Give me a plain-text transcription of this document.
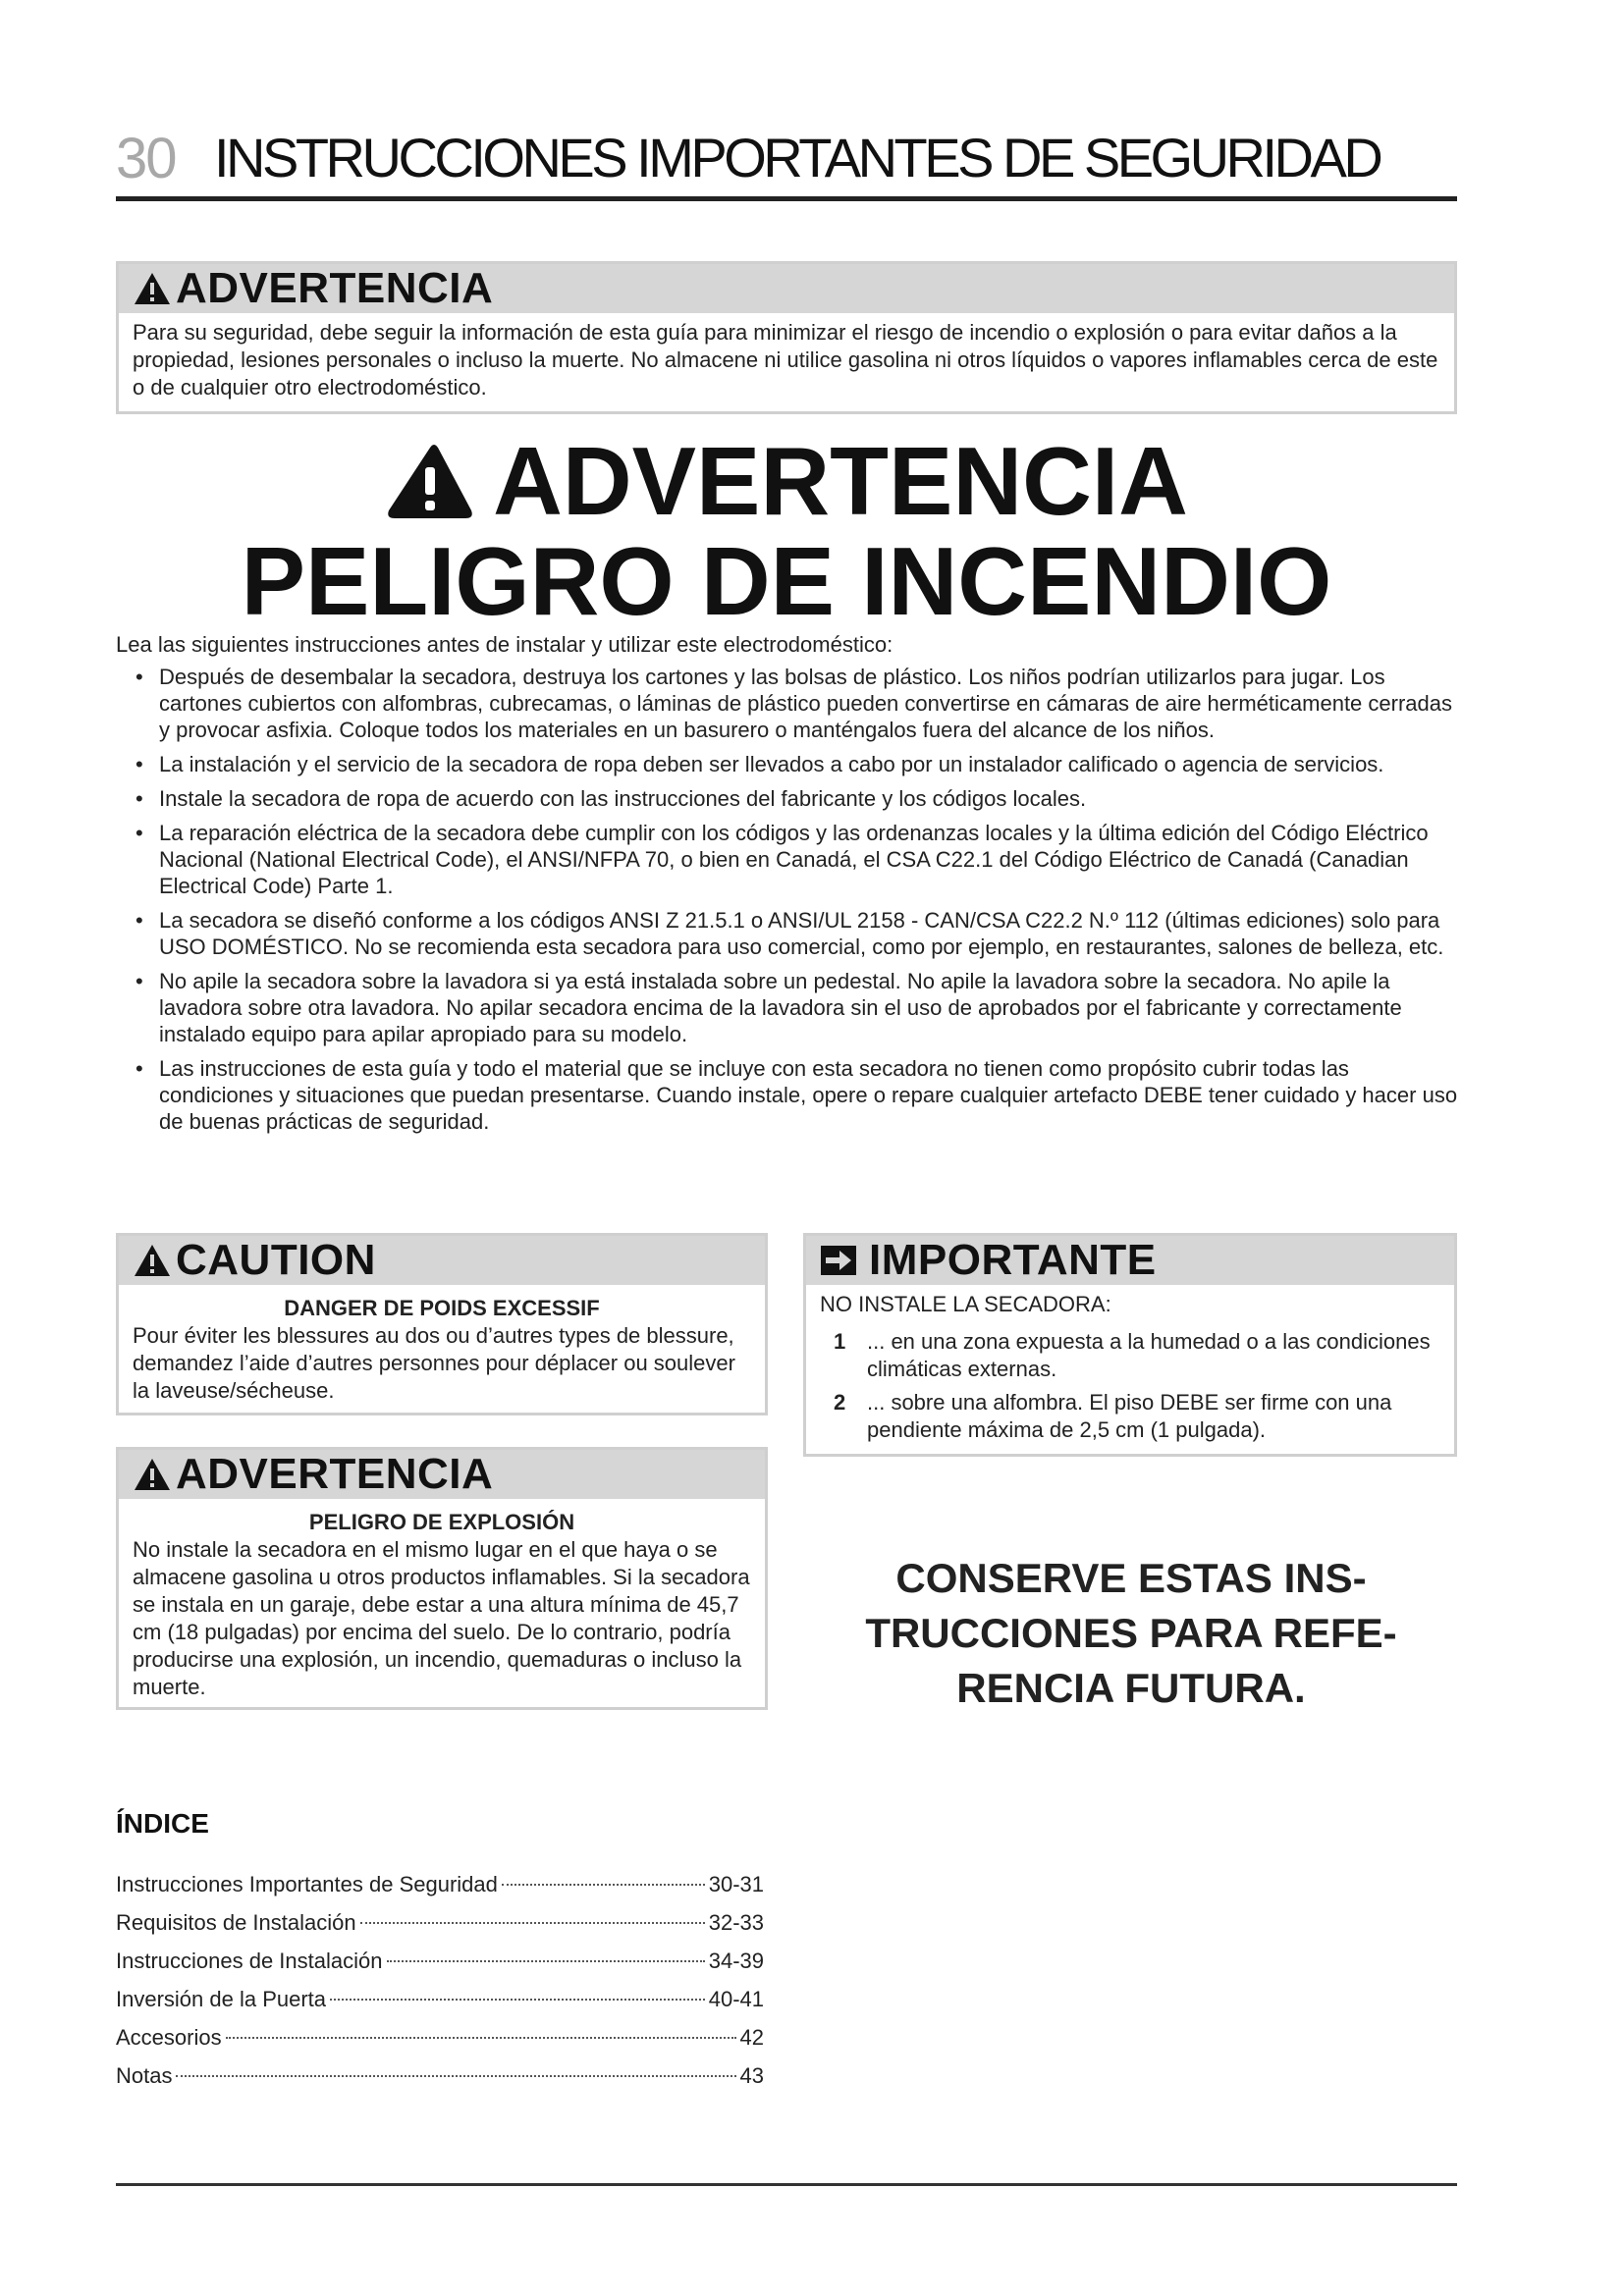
30 INSTRUCCIONES IMPORTANTES DE SEGURIDAD
ADVERTENCIA
Para su seguridad, debe seguir la información de esta guía para minimizar el riesgo de incendio o explosión o para evitar daños a la propiedad, lesiones personales o incluso la muerte. No almacene ni utilice gasolina ni otros líquidos o vapores inflamables cerca de este o de cualquier otro electrodoméstico.
ADVERTENCIA
PELIGRO DE INCENDIO

Lea las siguientes instrucciones antes de instalar y utilizar este electrodoméstico:

• Después de desembalar la secadora, destruya los cartones y las bolsas de plástico. Los niños podrían utilizarlos para jugar. Los cartones cubiertos con alfombras, cubrecamas, o láminas de plástico pueden convertirse en cámaras de aire herméticamente cerradas y provocar asfixia. Coloque todos los materiales en un basurero o manténgalos fuera del alcance de los niños.
• La instalación y el servicio de la secadora de ropa deben ser llevados a cabo por un instalador calificado o agencia de servicios.
• Instale la secadora de ropa de acuerdo con las instrucciones del fabricante y los códigos locales.
• La reparación eléctrica de la secadora debe cumplir con los códigos y las ordenanzas locales y la última edición del Código Eléctrico Nacional (National Electrical Code), el ANSI/NFPA 70, o bien en Canadá, el CSA C22.1 del Código Eléctrico de Canadá (Canadian Electrical Code) Parte 1.
• La secadora se diseñó conforme a los códigos ANSI Z 21.5.1 o ANSI/UL 2158 - CAN/CSA C22.2 N.º 112 (últimas ediciones) solo para USO DOMÉSTICO. No se recomienda esta secadora para uso comercial, como por ejemplo, en restaurantes, salones de belleza, etc.
• No apile la secadora sobre la lavadora si ya está instalada sobre un pedestal. No apile la lavadora sobre la secadora. No apile la lavadora sobre otra lavadora. No apilar secadora encima de la lavadora sin el uso de aprobados por el fabricante y correctamente instalado equipo para apilar apropiado para su modelo.
• Las instrucciones de esta guía y todo el material que se incluye con esta secadora no tienen como propósito cubrir todas las condiciones y situaciones que puedan presentarse. Cuando instale, opere o repare cualquier artefacto DEBE tener cuidado y hacer uso de buenas prácticas de seguridad.
CAUTION
DANGER DE POIDS EXCESSIF
Pour éviter les blessures au dos ou d’autres types de blessure, demandez l’aide d’autres personnes pour déplacer ou soulever la laveuse/sécheuse.
IMPORTANTE
NO INSTALE LA SECADORA:
1 ... en una zona expuesta a la humedad o a las condiciones climáticas externas.
2 ... sobre una alfombra. El piso DEBE ser firme con una pendiente máxima de 2,5 cm (1 pulgada).
ADVERTENCIA
PELIGRO DE EXPLOSIÓN
No instale la secadora en el mismo lugar en el que haya o se almacene gasolina u otros productos inflamables. Si la secadora se instala en un garaje, debe estar a una altura mínima de 45,7 cm (18 pulgadas) por encima del suelo. De lo contrario, podría producirse una explosión, un incendio, quemaduras o incluso la muerte.
CONSERVE ESTAS INS-
TRUCCIONES PARA REFE-
RENCIA FUTURA.
ÍNDICE
Instrucciones Importantes de Seguridad	30-31
Requisitos de Instalación	32-33
Instrucciones de Instalación	34-39
Inversión de la Puerta	40-41
Accesorios	42
Notas	43
